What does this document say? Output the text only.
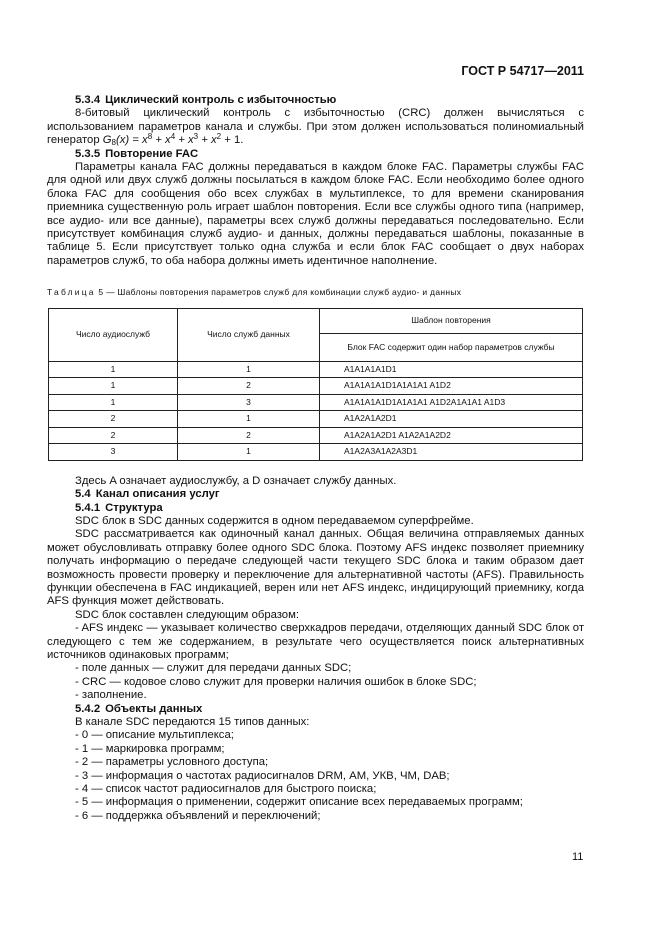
ГОСТ Р 54717—2011

5.3.4 Циклический контроль с избыточностью

8-битовый циклический контроль с избыточностью (CRC) должен вычисляться с использованием параметров канала и службы. При этом должен использоваться полиномиальный генератор $G_8(x) = x^8 + x^4 + x^3 + x^2 + 1$.

5.3.5 Повторение FAC

Параметры канала FAC должны передаваться в каждом блоке FAC. Параметры службы FAC для одной или двух служб должны посылаться в каждом блоке FAC. Если необходимо более одного блока FAC для сообщения обо всех службах в мультиплексе, то для времени сканирования приемника существенную роль играет шаблон повторения. Если все службы одного типа (например, все аудио- или все данные), параметры всех служб должны передаваться последовательно. Если присутствует комбинация служб аудио- и данных, должны передаваться шаблоны, показанные в таблице 5. Если присутствует только одна служба и если блок FAC сообщает о двух наборах параметров служб, то оба набора должны иметь идентичное наполнение.

Таблица 5 — Шаблоны повторения параметров служб для комбинации служб аудио- и данных

Число аудиослужб	Число служб данных	Шаблон повторения
		Блок FAC содержит один набор параметров службы
1	1	A1A1A1A1D1
1	2	A1A1A1A1D1A1A1A1 A1D2
1	3	A1A1A1A1D1A1A1A1 A1D2A1A1A1 A1D3
2	1	A1A2A1A2D1
2	2	A1A2A1A2D1 A1A2A1A2D2
3	1	A1A2A3A1A2A3D1

Здесь A означает аудиослужбу, а D означает службу данных.

5.4 Канал описания услуг

5.4.1 Структура

SDC блок в SDC данных содержится в одном передаваемом суперфрейме.

SDC рассматривается как одиночный канал данных. Общая величина отправляемых данных может обусловливать отправку более одного SDC блока. Поэтому AFS индекс позволяет приемнику получать информацию о передаче следующей части текущего SDC блока и таким образом дает возможность провести проверку и переключение для альтернативной частоты (AFS). Правильность функции обеспечена в FAC индикацией, верен или нет AFS индекс, индицирующий приемнику, когда AFS функция может действовать.

SDC блок составлен следующим образом:

- AFS индекс — указывает количество сверхкадров передачи, отделяющих данный SDC блок от следующего с тем же содержанием, в результате чего осуществляется поиск альтернативных источников одинаковых программ;

- поле данных — служит для передачи данных SDC;

- CRC — кодовое слово служит для проверки наличия ошибок в блоке SDC;

- заполнение.

5.4.2 Объекты данных

В канале SDC передаются 15 типов данных:

- 0 — описание мультиплекса;

- 1 — маркировка программ;

- 2 — параметры условного доступа;

- 3 — информация о частотах радиосигналов DRM, АМ, УКВ, ЧМ, DAB;

- 4 — список частот радиосигналов для быстрого поиска;

- 5 — информация о применении, содержит описание всех передаваемых программ;

- 6 — поддержка объявлений и переключений;

11
